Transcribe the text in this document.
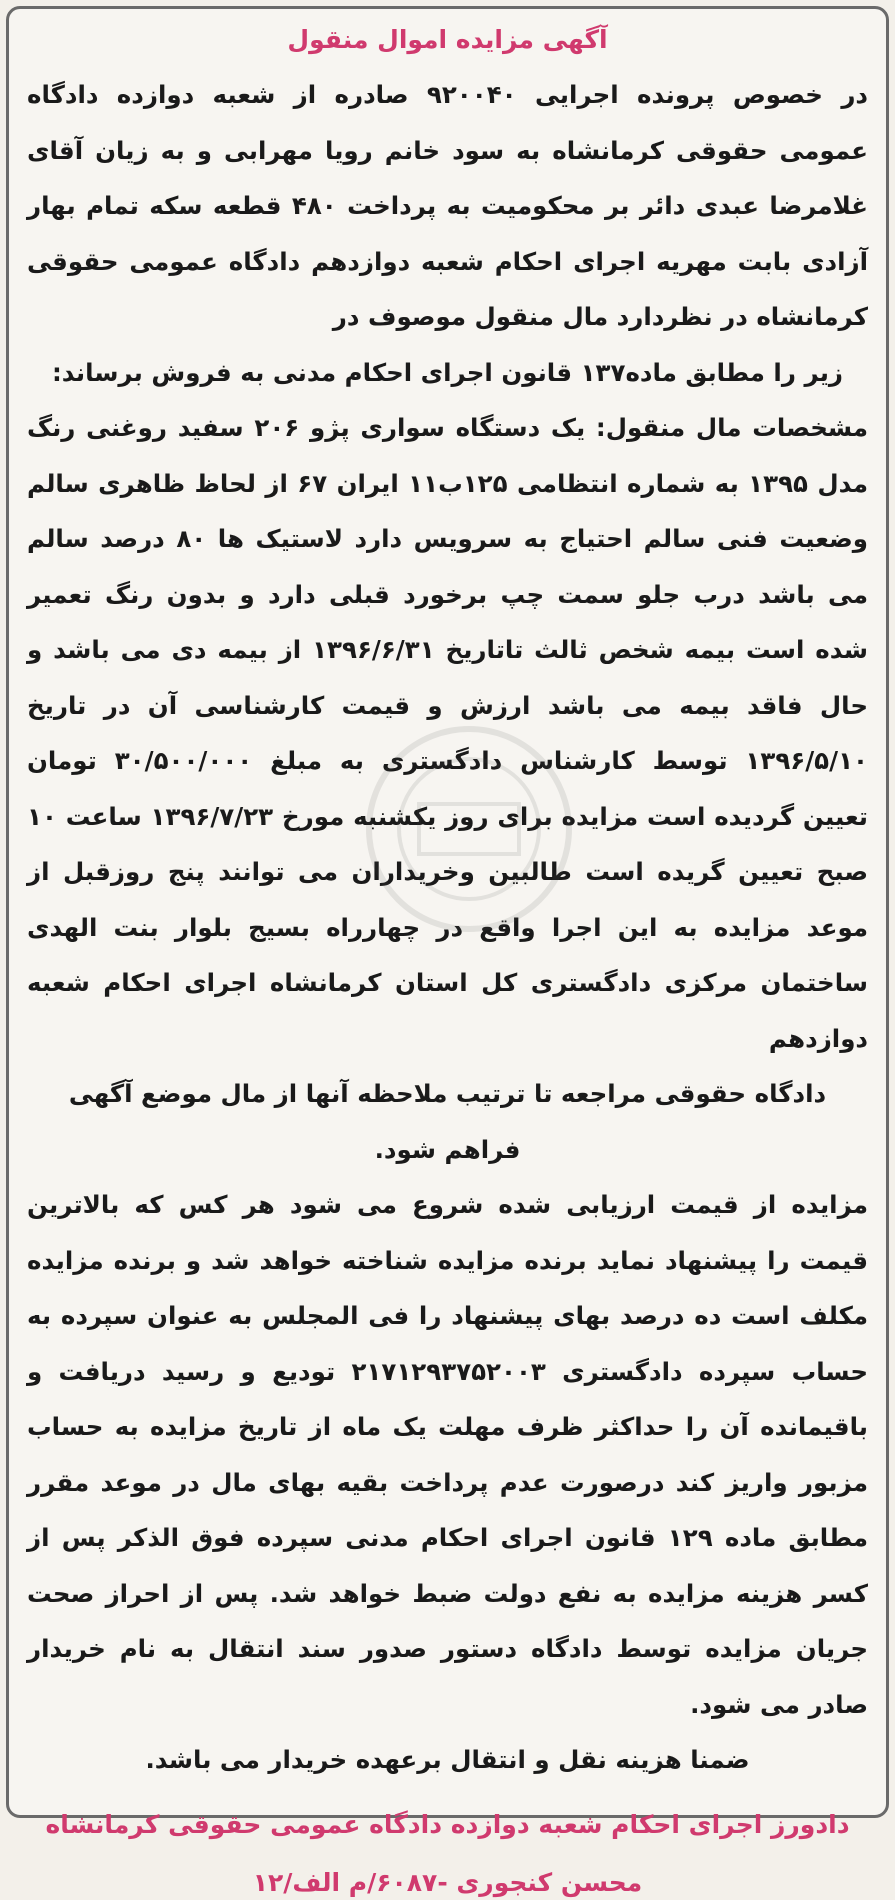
آگهی مزایده اموال منقول

در خصوص پرونده اجرایی ۹۲۰۰۴۰ صادره از شعبه دوازده دادگاه عمومی حقوقی کرمانشاه به سود خانم رویا مهرابی و به زیان آقای غلامرضا عبدی دائر بر محکومیت به پرداخت ۴۸۰ قطعه سکه تمام بهار آزادی بابت مهریه اجرای احکام شعبه دوازدهم دادگاه عمومی حقوقی کرمانشاه در نظردارد مال منقول موصوف در

زیر را مطابق ماده۱۳۷ قانون اجرای احکام مدنی به فروش برساند:

مشخصات مال منقول: یک دستگاه سواری پژو ۲۰۶ سفید روغنی رنگ مدل ۱۳۹۵ به شماره انتظامی ۱۲۵ب۱۱ ایران ۶۷ از لحاظ ظاهری سالم وضعیت فنی سالم احتیاج به سرویس دارد لاستیک ها ۸۰ درصد سالم می باشد درب جلو سمت چپ برخورد قبلی دارد و بدون رنگ تعمیر شده است بیمه شخص ثالث تاتاریخ ۱۳۹۶/۶/۳۱ از بیمه دی می باشد و حال فاقد بیمه می باشد ارزش و قیمت کارشناسی آن در تاریخ ۱۳۹۶/۵/۱۰ توسط کارشناس دادگستری به مبلغ ۳۰/۵۰۰/۰۰۰ تومان تعیین گردیده است مزایده برای روز یکشنبه مورخ ۱۳۹۶/۷/۲۳ ساعت ۱۰ صبح تعیین گریده است طالبین وخریداران می توانند پنج روزقبل از موعد مزایده به این اجرا واقع در چهارراه بسیج بلوار بنت الهدی ساختمان مرکزی دادگستری کل استان کرمانشاه اجرای احکام شعبه دوازدهم

دادگاه حقوقی مراجعه تا ترتیب ملاحظه آنها از مال موضع آگهی فراهم شود.

مزایده از قیمت ارزیابی شده شروع می شود هر کس که بالاترین قیمت را پیشنهاد نماید برنده مزایده شناخته خواهد شد و برنده مزایده مکلف است ده درصد بهای پیشنهاد را فی المجلس به عنوان سپرده به حساب سپرده دادگستری ۲۱۷۱۲۹۳۷۵۲۰۰۳ تودیع و رسید دریافت و باقیمانده آن را حداکثر ظرف مهلت یک ماه از تاریخ مزایده به حساب مزبور واریز کند درصورت عدم پرداخت بقیه بهای مال در موعد مقرر مطابق ماده ۱۲۹ قانون اجرای احکام مدنی سپرده فوق الذکر پس از کسر هزینه مزایده به نفع دولت ضبط خواهد شد. پس از احراز صحت جریان مزایده توسط دادگاه دستور صدور سند انتقال به نام خریدار صادر می شود.

ضمنا هزینه نقل و انتقال برعهده خریدار می باشد.

دادورز اجرای احکام شعبه دوازده دادگاه عمومی حقوقی کرمانشاه
محسن کنجوری -۶۰۸۷/م الف/۱۲
